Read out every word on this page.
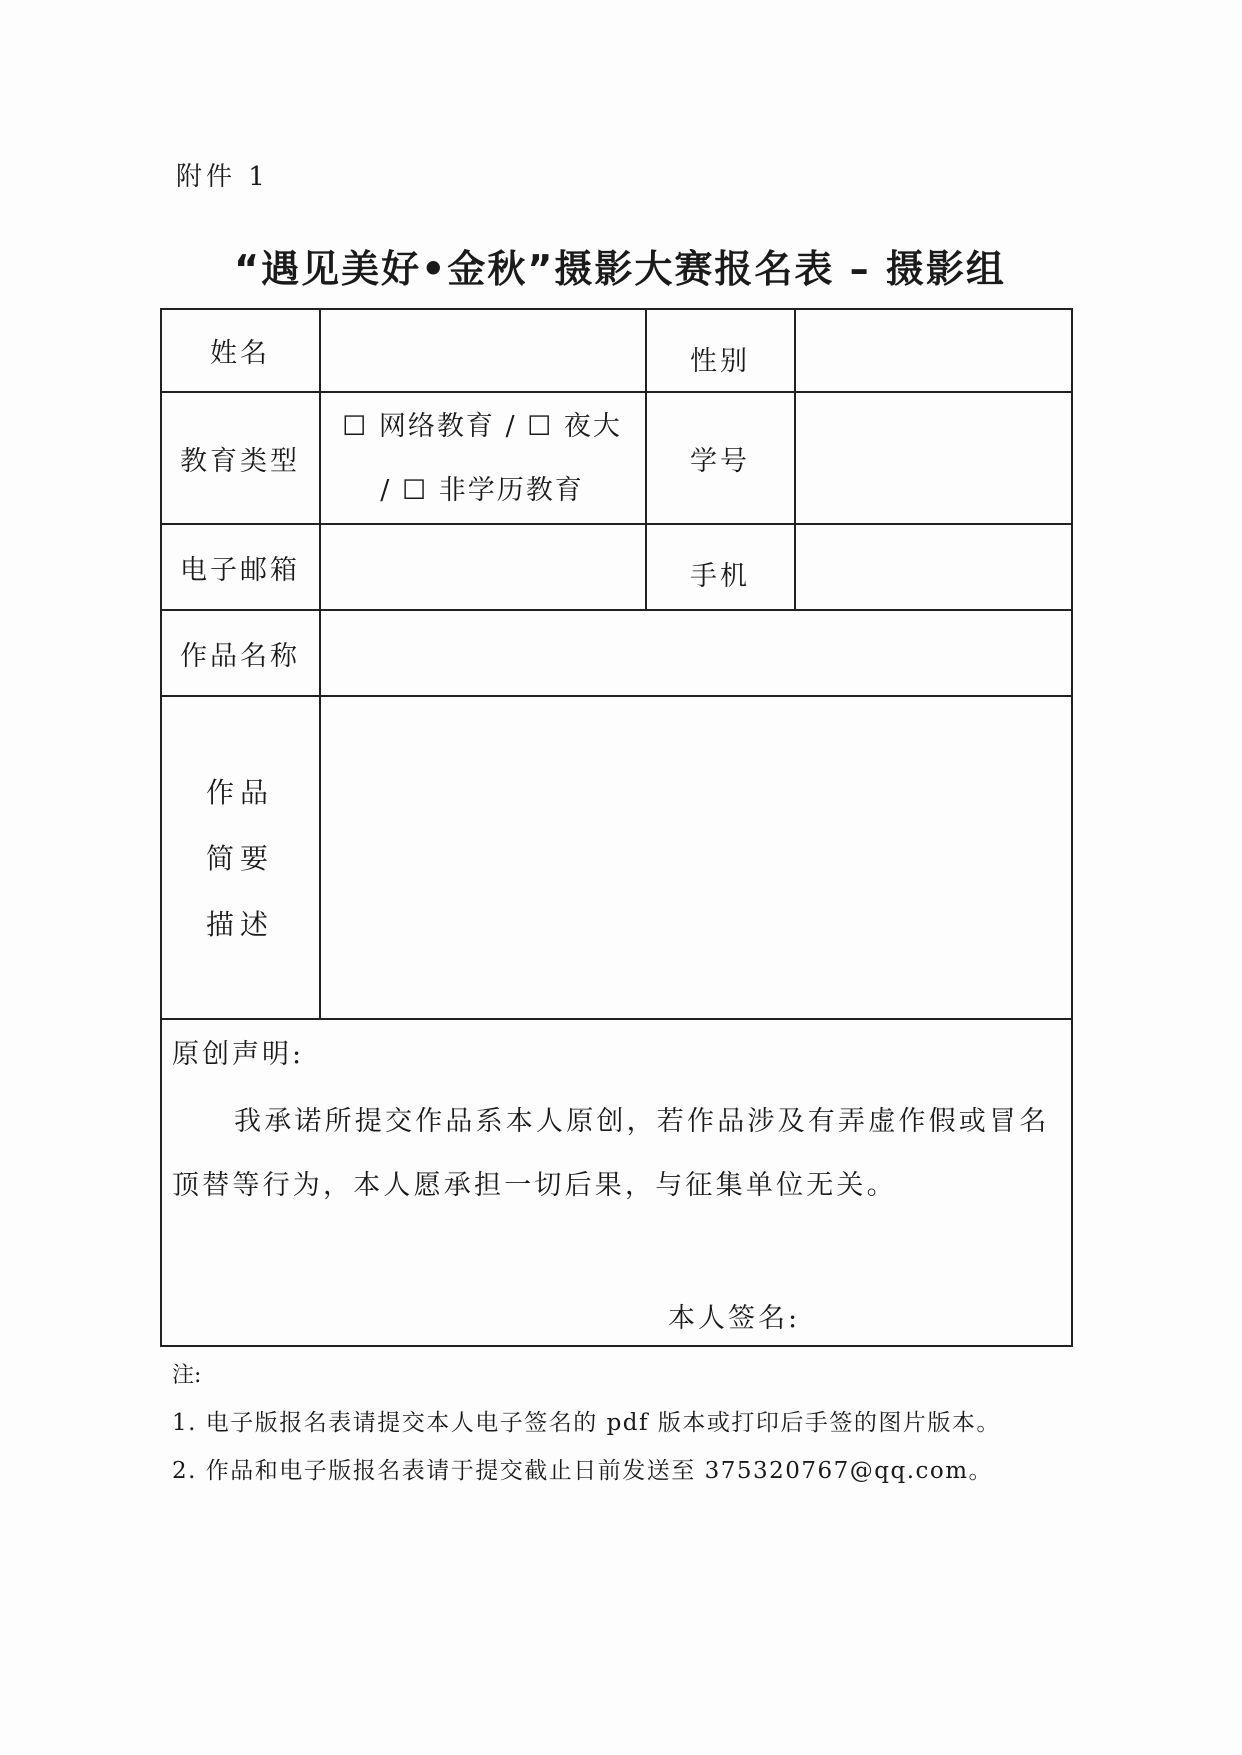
附件 1
“遇见美好•金秋”摄影大赛报名表 – 摄影组
姓名	性别
教育类型
☐ 网络教育 / ☐ 夜大
/ ☐ 非学历教育
学号
电子邮箱	手机
作品名称
作品
简要
描述
原创声明:
我承诺所提交作品系本人原创，若作品涉及有弄虚作假或冒名顶替等行为，本人愿承担一切后果，与征集单位无关。
本人签名:
注:
1. 电子版报名表请提交本人电子签名的 pdf 版本或打印后手签的图片版本。
2. 作品和电子版报名表请于提交截止日前发送至 375320767@qq.com。
